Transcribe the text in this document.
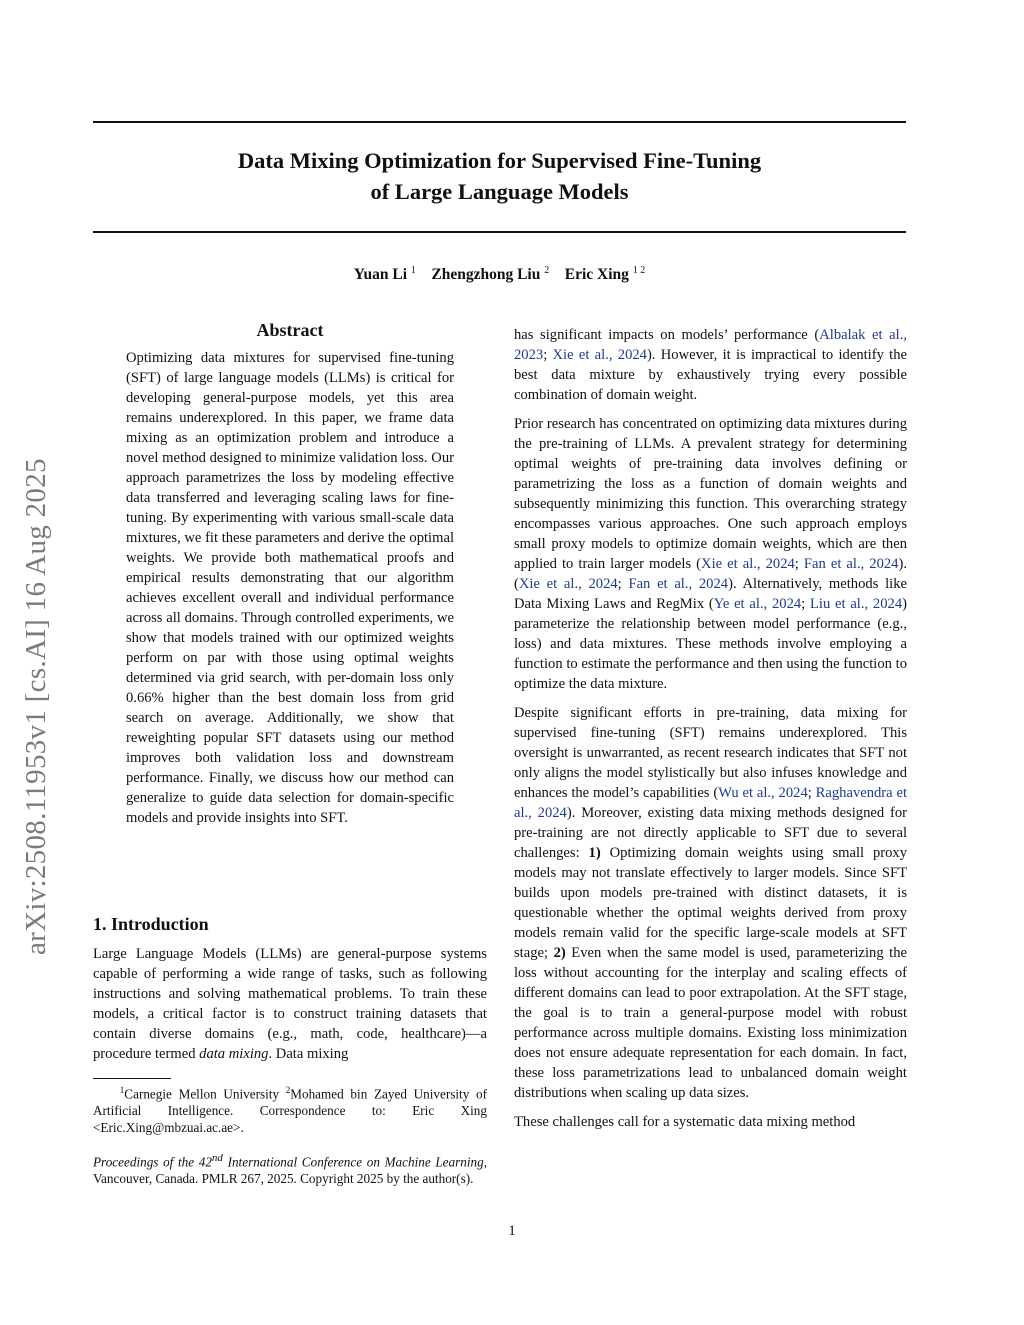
arXiv:2508.11953v1 [cs.AI] 16 Aug 2025
Data Mixing Optimization for Supervised Fine-Tuning
of Large Language Models
Yuan Li $^1$ Zhengzhong Liu $^2$ Eric Xing $^{1 2}$
Abstract

Optimizing data mixtures for supervised fine-tuning (SFT) of large language models (LLMs) is critical for developing general-purpose models, yet this area remains underexplored. In this paper, we frame data mixing as an optimization problem and introduce a novel method designed to minimize validation loss. Our approach parametrizes the loss by modeling effective data transferred and leveraging scaling laws for fine-tuning. By experimenting with various small-scale data mixtures, we fit these parameters and derive the optimal weights. We provide both mathematical proofs and empirical results demonstrating that our algorithm achieves excellent overall and individual performance across all domains. Through controlled experiments, we show that models trained with our optimized weights perform on par with those using optimal weights determined via grid search, with per-domain loss only 0.66% higher than the best domain loss from grid search on average. Additionally, we show that reweighting popular SFT datasets using our method improves both validation loss and downstream performance. Finally, we discuss how our method can generalize to guide data selection for domain-specific models and provide insights into SFT.

1. Introduction

Large Language Models (LLMs) are general-purpose systems capable of performing a wide range of tasks, such as following instructions and solving mathematical problems. To train these models, a critical factor is to construct training datasets that contain diverse domains (e.g., math, code, healthcare)—a procedure termed data mixing. Data mixing

$^1$Carnegie Mellon University $^2$Mohamed bin Zayed University of Artificial Intelligence. Correspondence to: Eric Xing <Eric.Xing@mbzuai.ac.ae>.

Proceedings of the 42nd International Conference on Machine Learning, Vancouver, Canada. PMLR 267, 2025. Copyright 2025 by the author(s).

has significant impacts on models’ performance (Albalak et al., 2023; Xie et al., 2024). However, it is impractical to identify the best data mixture by exhaustively trying every possible combination of domain weight.

Prior research has concentrated on optimizing data mixtures during the pre-training of LLMs. A prevalent strategy for determining optimal weights of pre-training data involves defining or parametrizing the loss as a function of domain weights and subsequently minimizing this function. This overarching strategy encompasses various approaches. One such approach employs small proxy models to optimize domain weights, which are then applied to train larger models (Xie et al., 2024; Fan et al., 2024). (Xie et al., 2024; Fan et al., 2024). Alternatively, methods like Data Mixing Laws and RegMix (Ye et al., 2024; Liu et al., 2024) parameterize the relationship between model performance (e.g., loss) and data mixtures. These methods involve employing a function to estimate the performance and then using the function to optimize the data mixture.

Despite significant efforts in pre-training, data mixing for supervised fine-tuning (SFT) remains underexplored. This oversight is unwarranted, as recent research indicates that SFT not only aligns the model stylistically but also infuses knowledge and enhances the model’s capabilities (Wu et al., 2024; Raghavendra et al., 2024). Moreover, existing data mixing methods designed for pre-training are not directly applicable to SFT due to several challenges: 1) Optimizing domain weights using small proxy models may not translate effectively to larger models. Since SFT builds upon models pre-trained with distinct datasets, it is questionable whether the optimal weights derived from proxy models remain valid for the specific large-scale models at SFT stage; 2) Even when the same model is used, parameterizing the loss without accounting for the interplay and scaling effects of different domains can lead to poor extrapolation. At the SFT stage, the goal is to train a general-purpose model with robust performance across multiple domains. Existing loss minimization does not ensure adequate representation for each domain. In fact, these loss parametrizations lead to unbalanced domain weight distributions when scaling up data sizes.

These challenges call for a systematic data mixing method

1
